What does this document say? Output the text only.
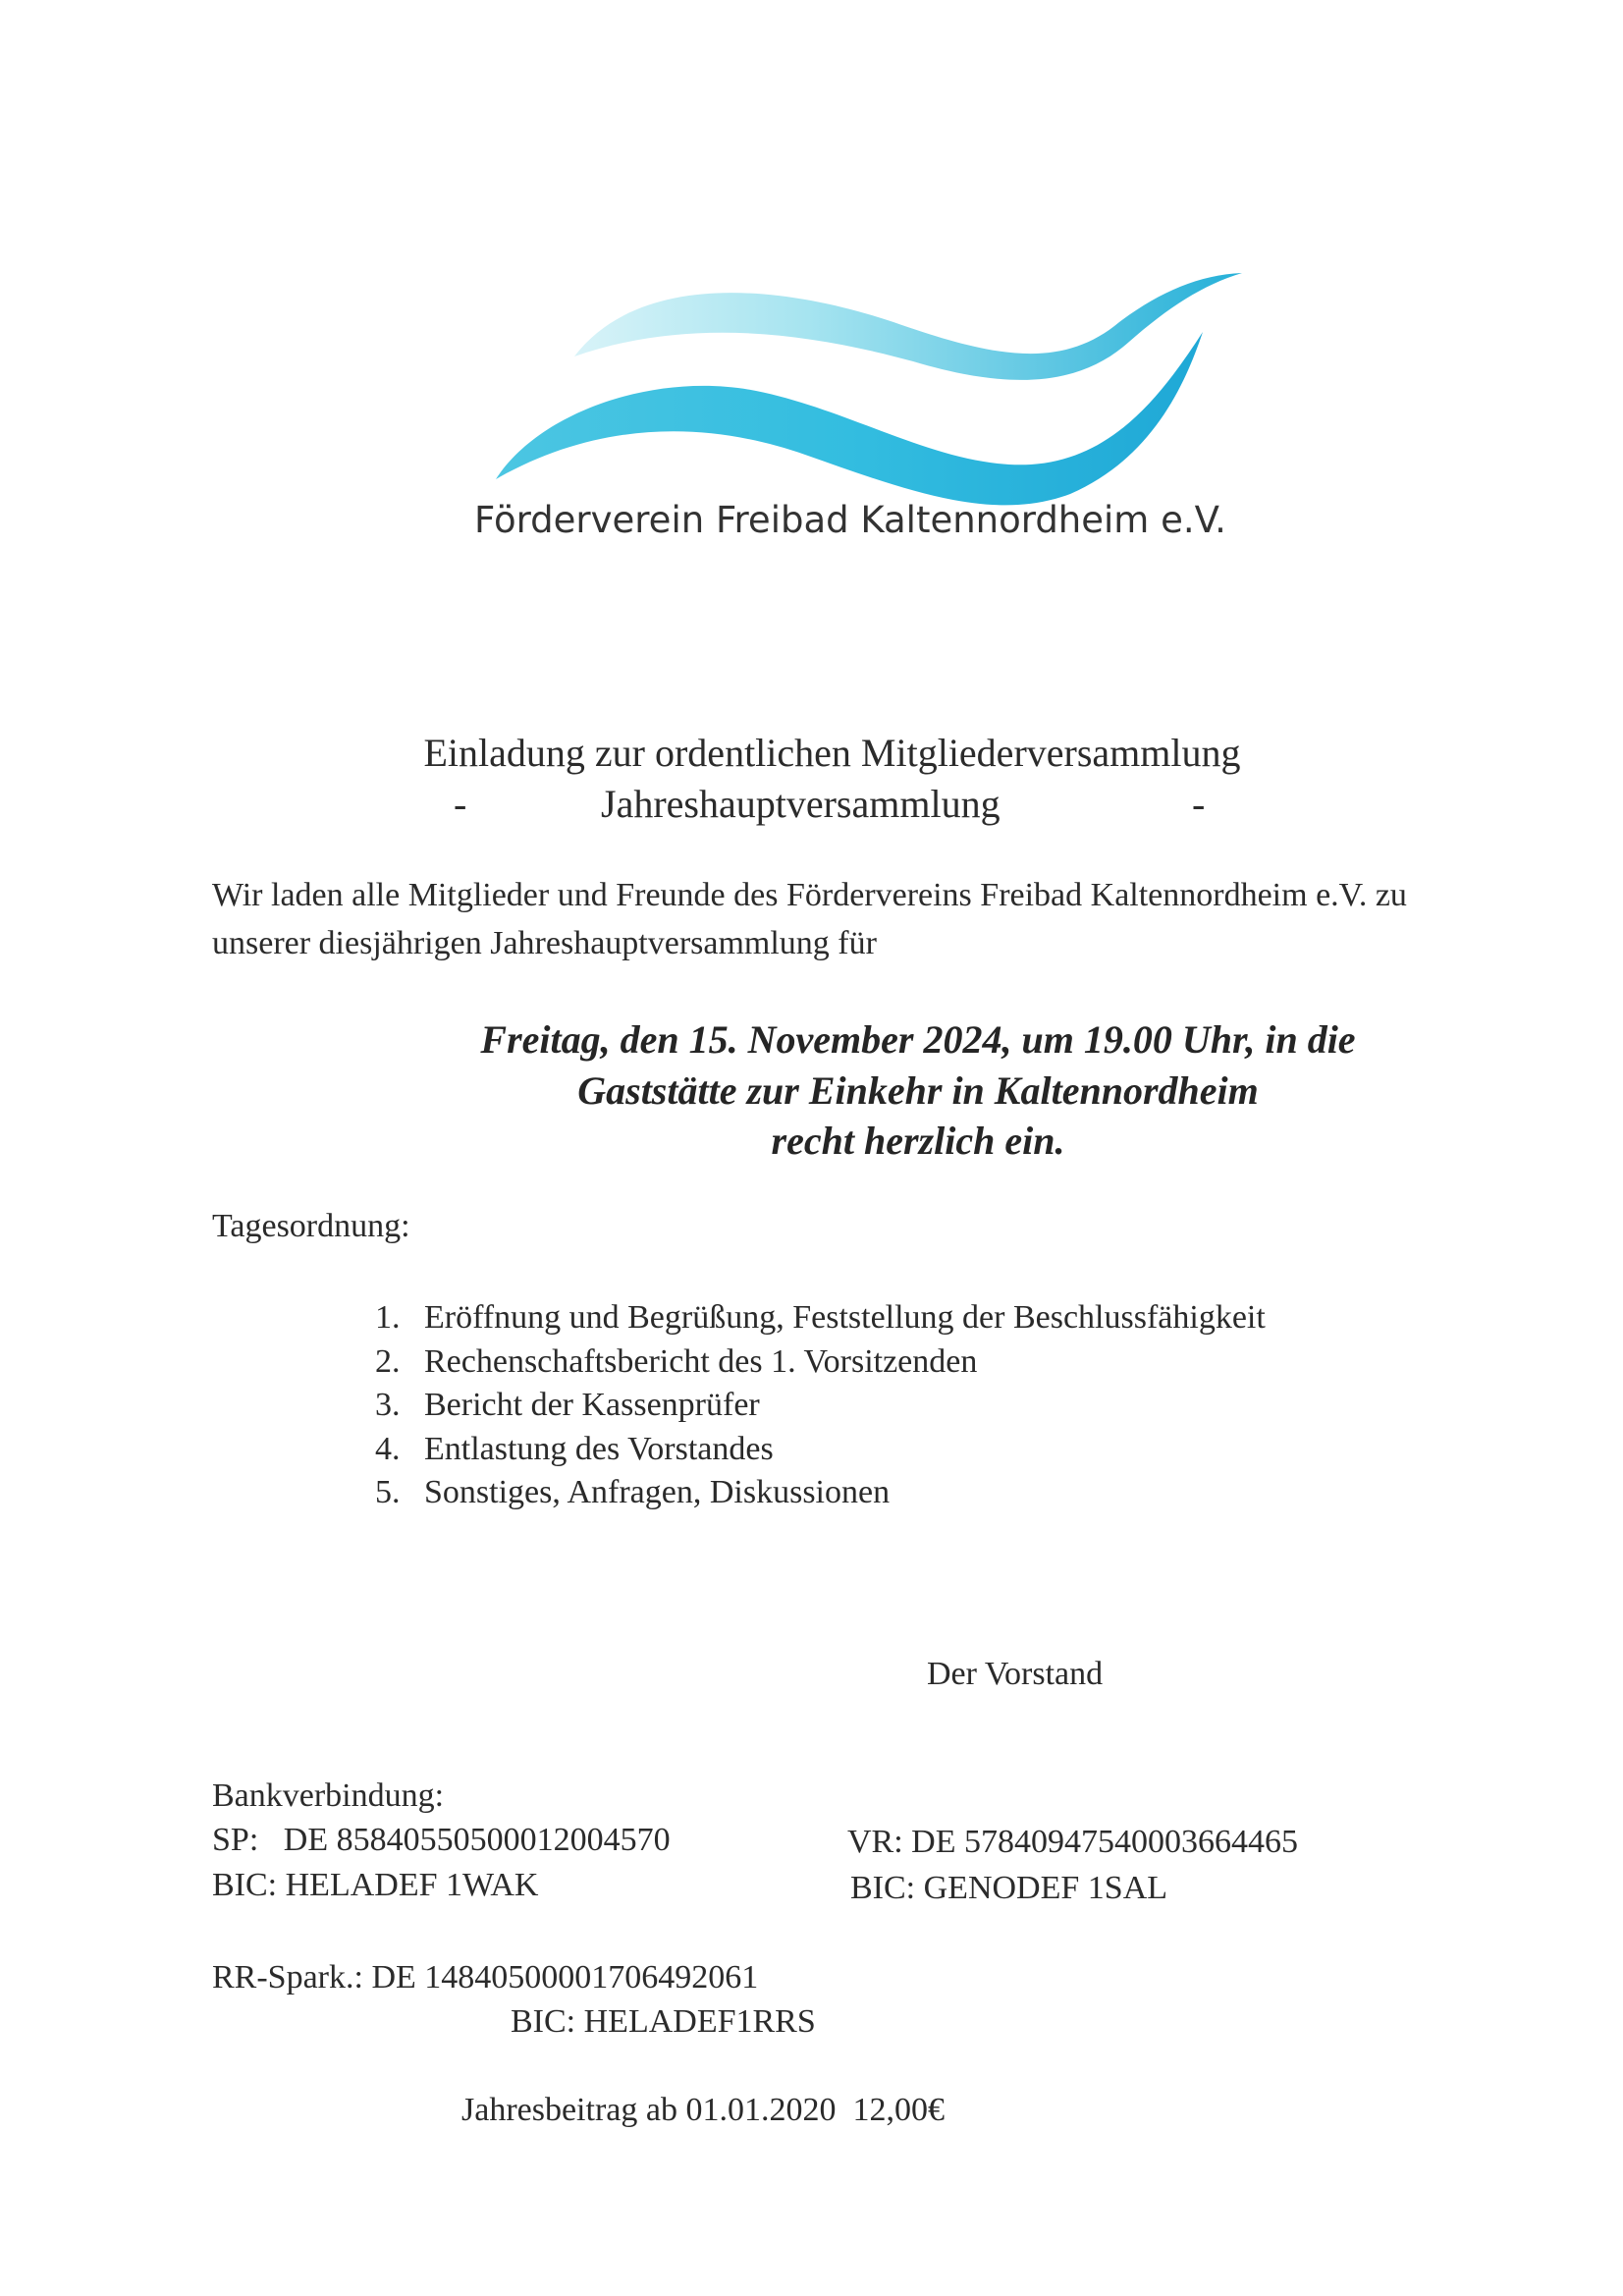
Förderverein Freibad Kaltennordheim e.V.
Einladung zur ordentlichen Mitgliederversammlung
-	Jahreshauptversammlung	-
Wir laden alle Mitglieder und Freunde des Fördervereins Freibad Kaltennordheim e.V. zu
unserer diesjährigen Jahreshauptversammlung für
Freitag, den 15. November 2024, um 19.00 Uhr, in die
Gaststätte zur Einkehr in Kaltennordheim
recht herzlich ein.
Tagesordnung:
1. Eröffnung und Begrüßung, Feststellung der Beschlussfähigkeit
2. Rechenschaftsbericht des 1. Vorsitzenden
3. Bericht der Kassenprüfer
4. Entlastung des Vorstandes
5. Sonstiges, Anfragen, Diskussionen
Der Vorstand
Bankverbindung:
SP:   DE 85840550500012004570
BIC: HELADEF 1WAK
VR: DE 57840947540003664465
BIC: GENODEF 1SAL
RR-Spark.: DE 14840500001706492061
BIC: HELADEF1RRS
Jahresbeitrag ab 01.01.2020  12,00€
